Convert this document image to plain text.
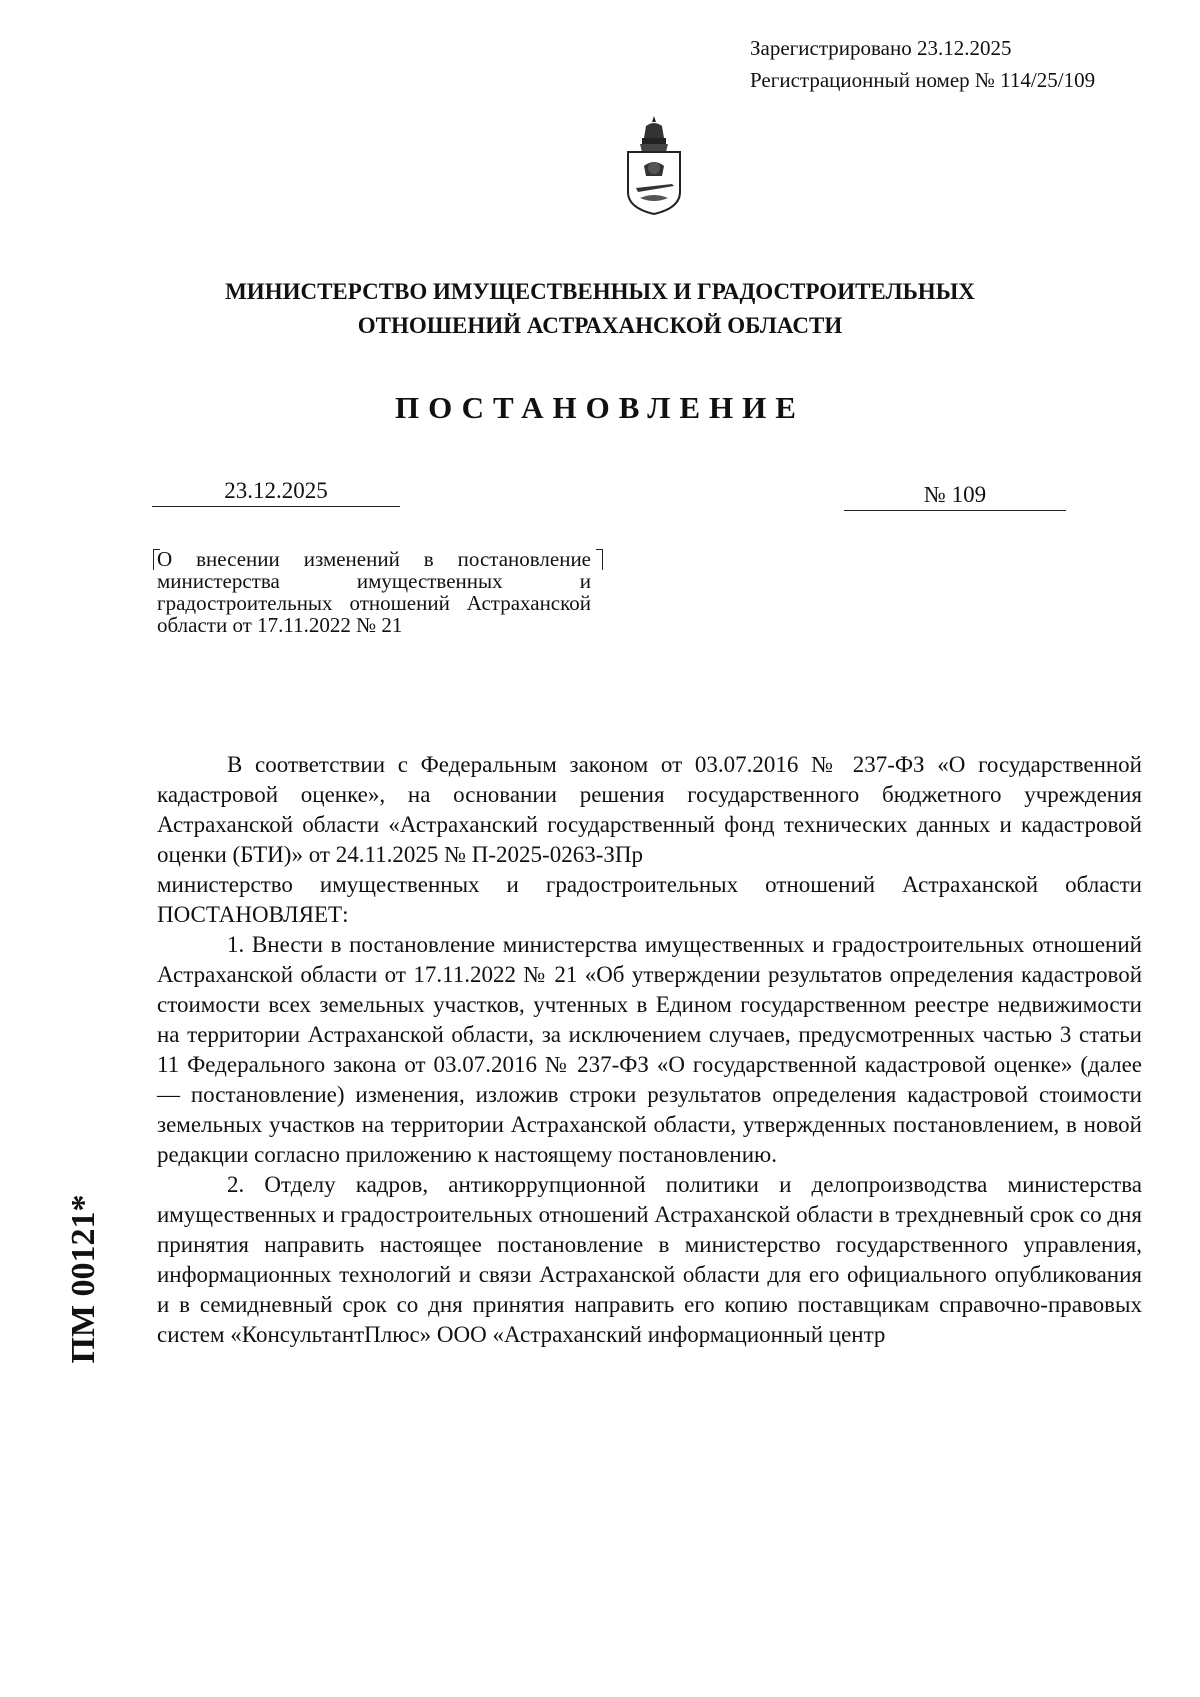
Зарегистрировано 23.12.2025
Регистрационный номер № 114/25/109
МИНИСТЕРСТВО ИМУЩЕСТВЕННЫХ И ГРАДОСТРОИТЕЛЬНЫХ
ОТНОШЕНИЙ АСТРАХАНСКОЙ ОБЛАСТИ
ПОСТАНОВЛЕНИЕ
23.12.2025	№ 109
О внесении изменений в постановление министерства имущественных и градостроительных отношений Астраханской области от 17.11.2022 № 21

В соответствии с Федеральным законом от 03.07.2016 № 237-ФЗ «О государственной кадастровой оценке», на основании решения государственного бюджетного учреждения Астраханской области «Астраханский государственный фонд технических данных и кадастровой оценки (БТИ)» от 24.11.2025 № П-2025-0263-ЗПр

министерство имущественных и градостроительных отношений Астраханской области ПОСТАНОВЛЯЕТ:

1. Внести в постановление министерства имущественных и градостроительных отношений Астраханской области от 17.11.2022 № 21 «Об утверждении результатов определения кадастровой стоимости всех земельных участков, учтенных в Едином государственном реестре недвижимости на территории Астраханской области, за исключением случаев, предусмотренных частью 3 статьи 11 Федерального закона от 03.07.2016 № 237-ФЗ «О государственной кадастровой оценке» (далее — постановление) изменения, изложив строки результатов определения кадастровой стоимости земельных участков на территории Астраханской области, утвержденных постановлением, в новой редакции согласно приложению к настоящему постановлению.

2. Отделу кадров, антикоррупционной политики и делопроизводства министерства имущественных и градостроительных отношений Астраханской области в трехдневный срок со дня принятия направить настоящее постановление в министерство государственного управления, информационных технологий и связи Астраханской области для его официального опубликования и в семидневный срок со дня принятия направить его копию поставщикам справочно-правовых систем «КонсультантПлюс» ООО «Астраханский информационный центр

ПМ 00121*
